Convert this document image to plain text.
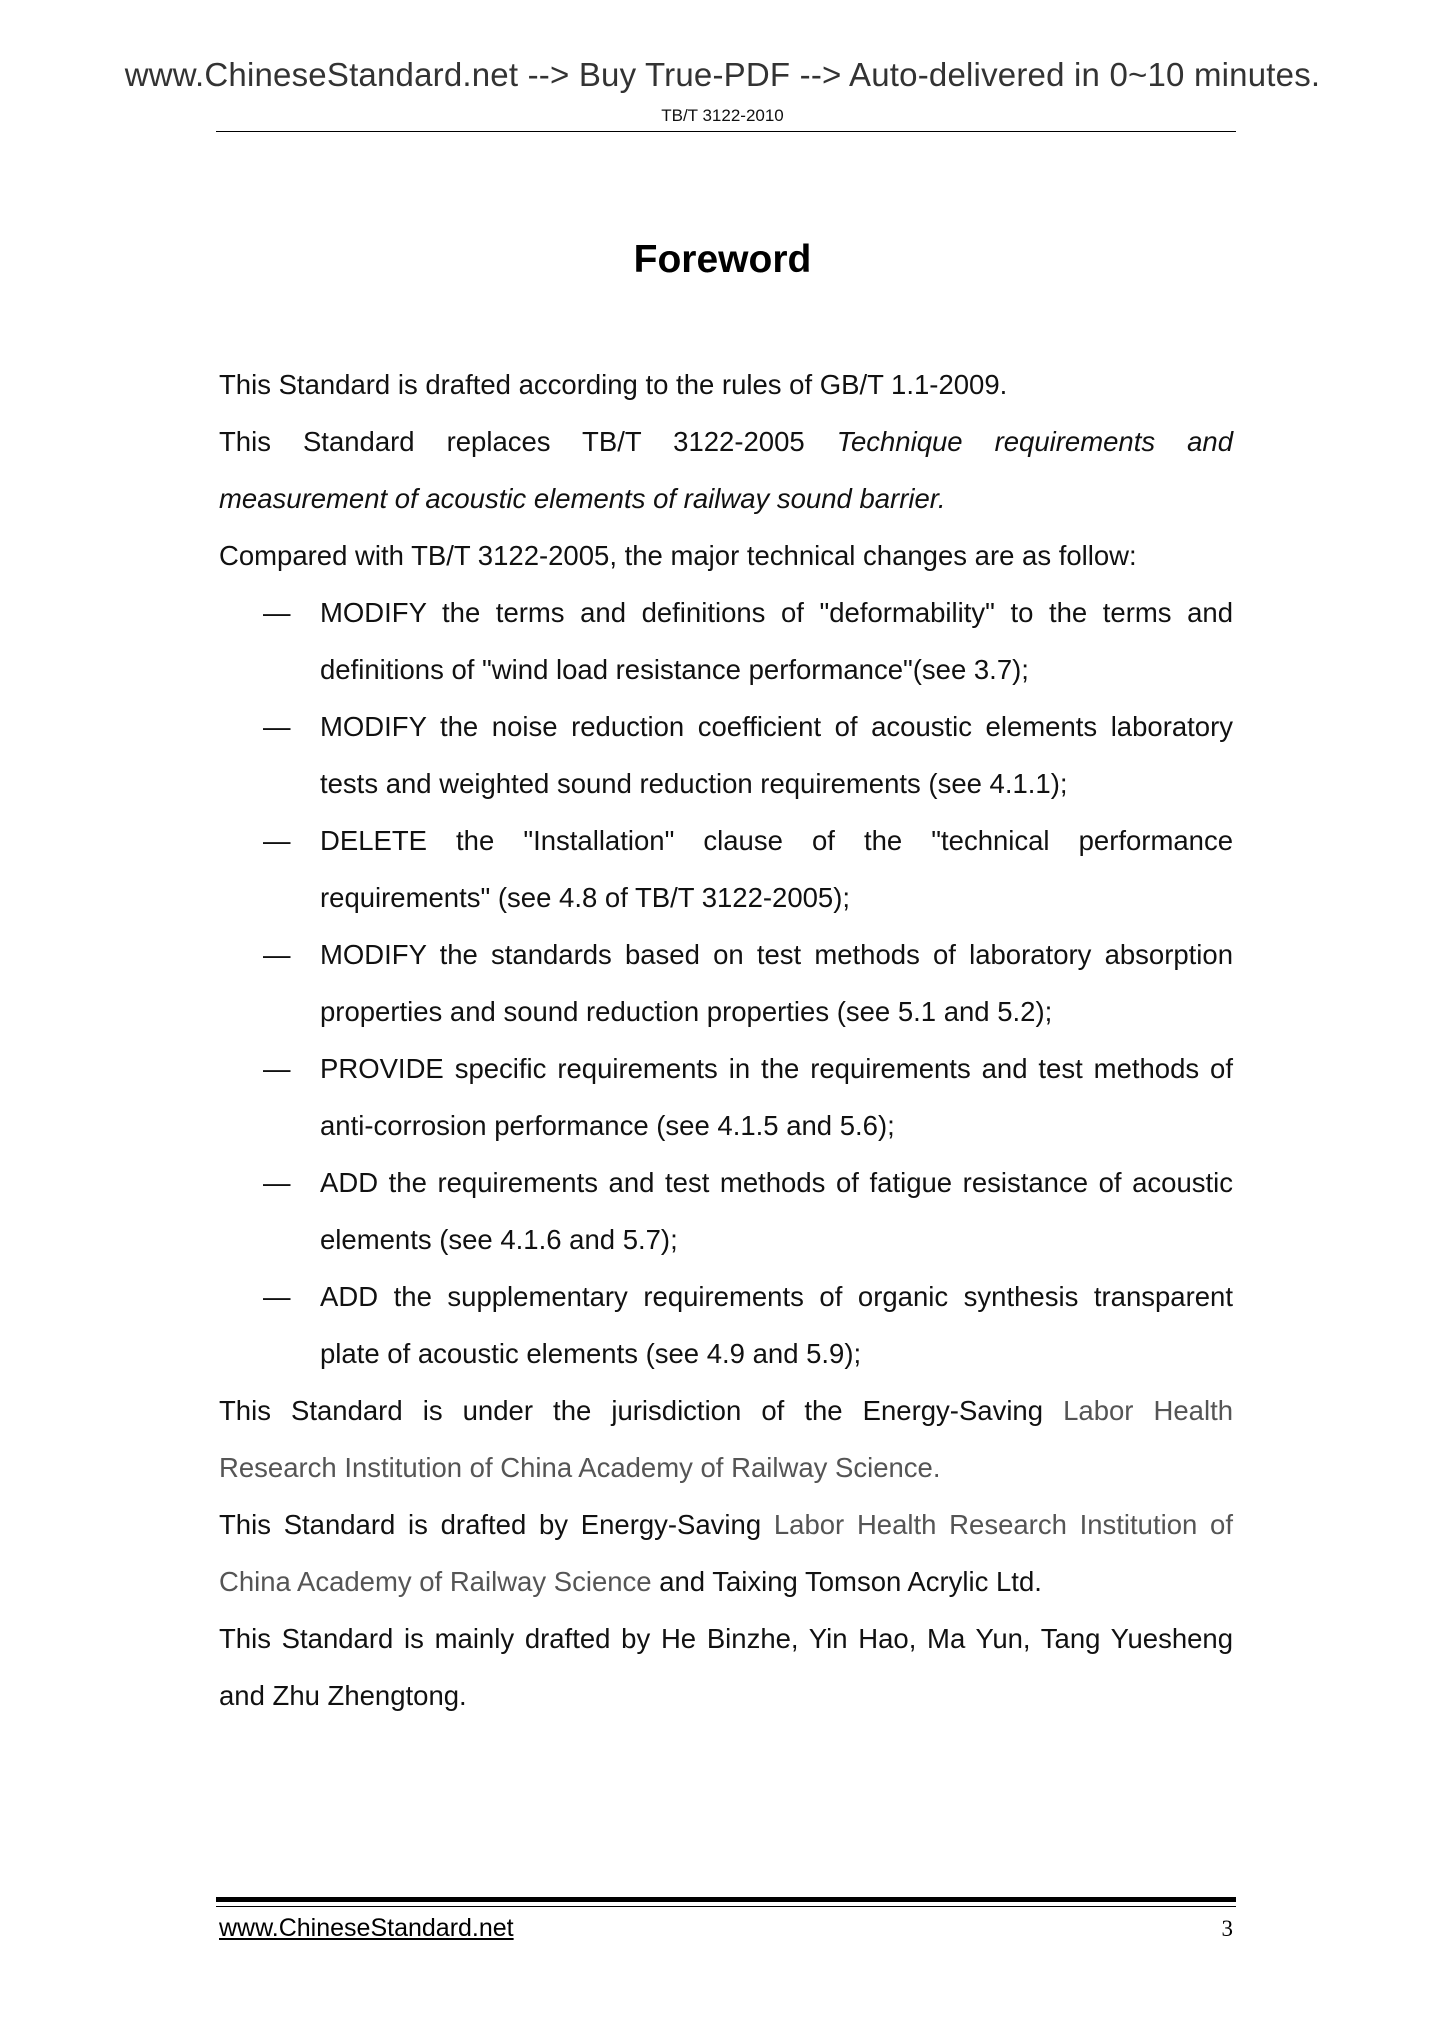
www.ChineseStandard.net --> Buy True-PDF --> Auto-delivered in 0~10 minutes.
TB/T 3122-2010
Foreword

This Standard is drafted according to the rules of GB/T 1.1-2009.

This Standard replaces TB/T 3122-2005 Technique requirements and measurement of acoustic elements of railway sound barrier.

Compared with TB/T 3122-2005, the major technical changes are as follow:

— MODIFY the terms and definitions of "deformability" to the terms and definitions of "wind load resistance performance"(see 3.7);

— MODIFY the noise reduction coefficient of acoustic elements laboratory tests and weighted sound reduction requirements (see 4.1.1);

— DELETE the "Installation" clause of the "technical performance requirements" (see 4.8 of TB/T 3122-2005);

— MODIFY the standards based on test methods of laboratory absorption properties and sound reduction properties (see 5.1 and 5.2);

— PROVIDE specific requirements in the requirements and test methods of anti-corrosion performance (see 4.1.5 and 5.6);

— ADD the requirements and test methods of fatigue resistance of acoustic elements (see 4.1.6 and 5.7);

— ADD the supplementary requirements of organic synthesis transparent plate of acoustic elements (see 4.9 and 5.9);

This Standard is under the jurisdiction of the Energy-Saving Labor Health Research Institution of China Academy of Railway Science.

This Standard is drafted by Energy-Saving Labor Health Research Institution of China Academy of Railway Science and Taixing Tomson Acrylic Ltd.

This Standard is mainly drafted by He Binzhe, Yin Hao, Ma Yun, Tang Yuesheng and Zhu Zhengtong.

www.ChineseStandard.net	3
